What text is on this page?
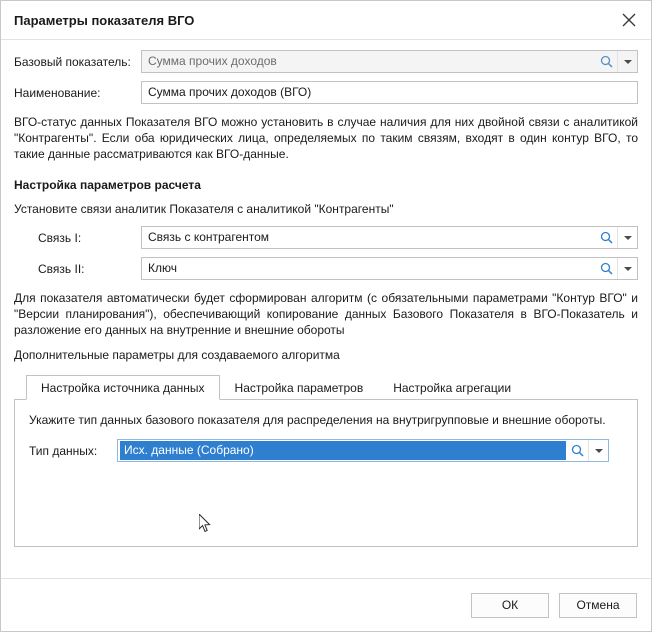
Параметры показателя ВГО
Базовый показатель:	Сумма прочих доходов
Наименование:	Сумма прочих доходов (ВГО)
ВГО-статус данных Показателя ВГО можно установить в случае наличия для них двойной связи с аналитикой "Контрагенты". Если оба юридических лица, определяемых по таким связям, входят в один контур ВГО, то такие данные рассматриваются как ВГО-данные.
Настройка параметров расчета
Установите связи аналитик Показателя с аналитикой "Контрагенты"
Связь I:	Связь с контрагентом
Связь II:	Ключ
Для показателя автоматически будет сформирован алгоритм (с обязательными параметрами "Контур ВГО" и "Версии планирования"), обеспечивающий копирование данных Базового Показателя в ВГО-Показатель и разложение его данных на внутренние и внешние обороты
Дополнительные параметры для создаваемого алгоритма
Настройка источника данных	Настройка параметров	Настройка агрегации
Укажите тип данных базового показателя для распределения на внутригрупповые и внешние обороты.
Тип данных:	Исх. данные (Собрано)
ОК	Отмена
